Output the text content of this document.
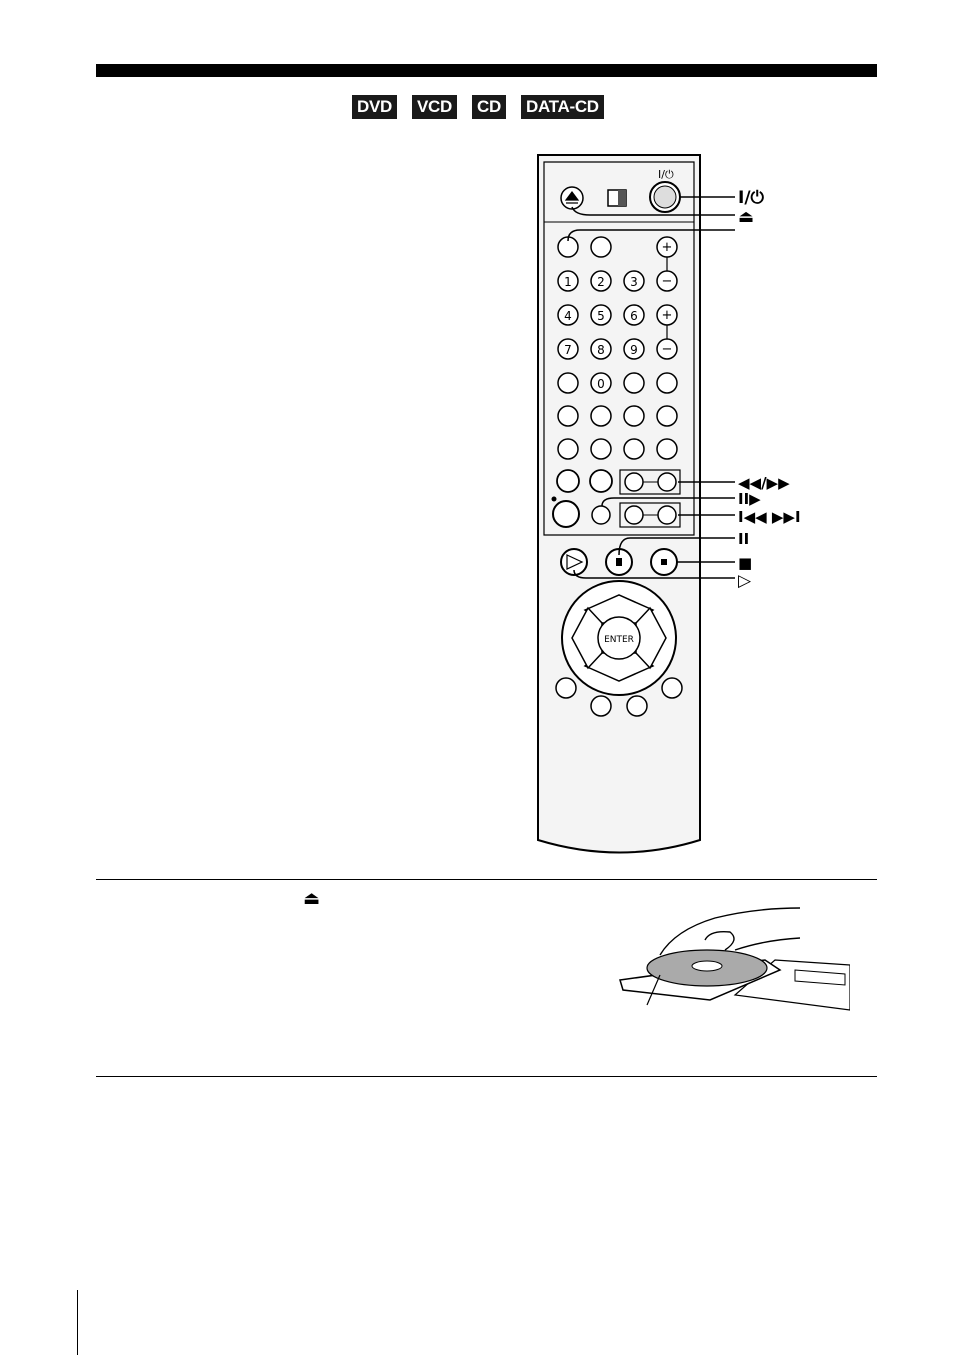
DVD VCD CD DATA-CD
I/⏻
+
−
+
−
1 2 3
4 5 6
7 8 9
0
ENTER
I/⏻
⏏
◀◀/▶▶
II▶
I◀◀ ▶▶I
II
■
▷
⏏
